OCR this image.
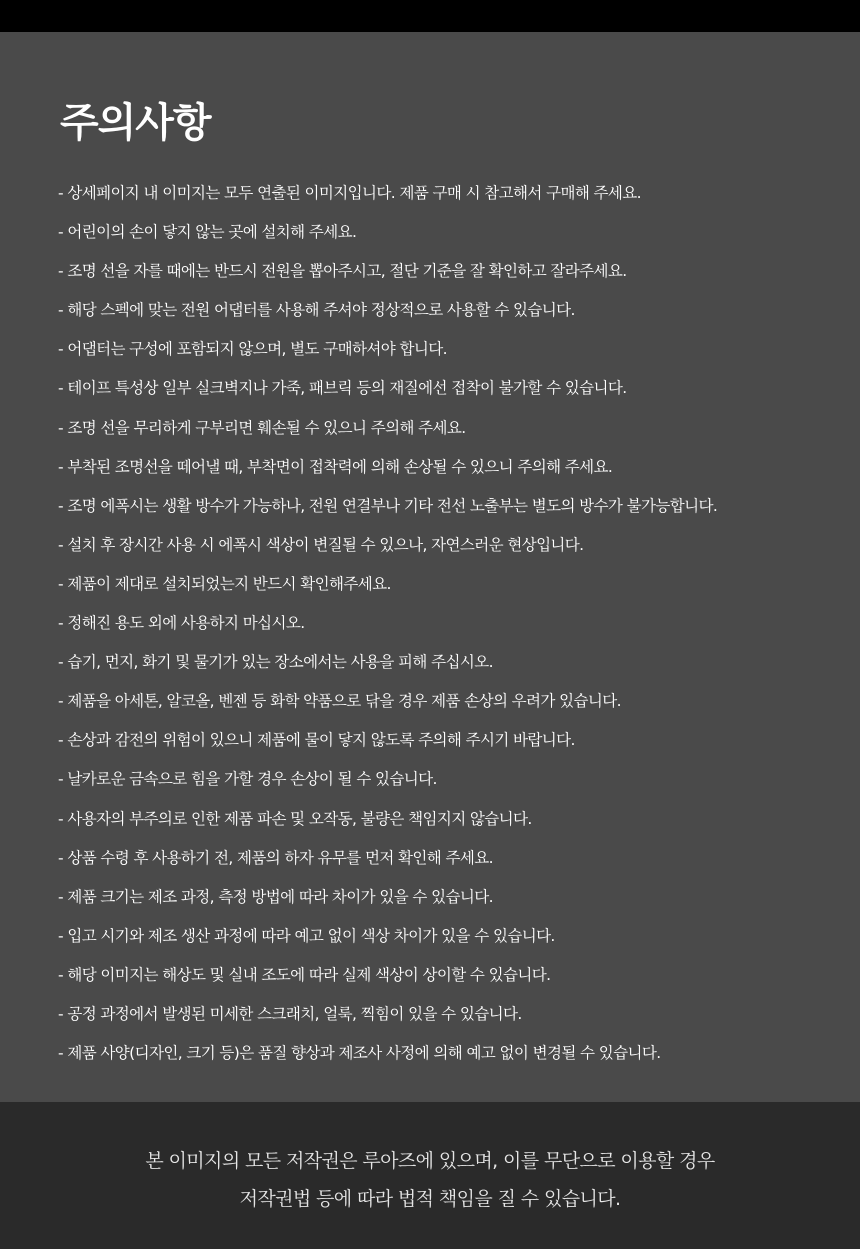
주의사항
- 상세페이지 내 이미지는 모두 연출된 이미지입니다. 제품 구매 시 참고해서 구매해 주세요.
- 어린이의 손이 닿지 않는 곳에 설치해 주세요.
- 조명 선을 자를 때에는 반드시 전원을 뽑아주시고, 절단 기준을 잘 확인하고 잘라주세요.
- 해당 스펙에 맞는 전원 어댑터를 사용해 주셔야 정상적으로 사용할 수 있습니다.
- 어댑터는 구성에 포함되지 않으며, 별도 구매하셔야 합니다.
- 테이프 특성상 일부 실크벽지나 가죽, 패브릭 등의 재질에선 접착이 불가할 수 있습니다.
- 조명 선을 무리하게 구부리면 훼손될 수 있으니 주의해 주세요.
- 부착된 조명선을 떼어낼 때, 부착면이 접착력에 의해 손상될 수 있으니 주의해 주세요.
- 조명 에폭시는 생활 방수가 가능하나, 전원 연결부나 기타 전선 노출부는 별도의 방수가 불가능합니다.
- 설치 후 장시간 사용 시 에폭시 색상이 변질될 수 있으나, 자연스러운 현상입니다.
- 제품이 제대로 설치되었는지 반드시 확인해주세요.
- 정해진 용도 외에 사용하지 마십시오.
- 습기, 먼지, 화기 및 물기가 있는 장소에서는 사용을 피해 주십시오.
- 제품을 아세톤, 알코올, 벤젠 등 화학 약품으로 닦을 경우 제품 손상의 우려가 있습니다.
- 손상과 감전의 위험이 있으니 제품에 물이 닿지 않도록 주의해 주시기 바랍니다.
- 날카로운 금속으로 힘을 가할 경우 손상이 될 수 있습니다.
- 사용자의 부주의로 인한 제품 파손 및 오작동, 불량은 책임지지 않습니다.
- 상품 수령 후 사용하기 전, 제품의 하자 유무를 먼저 확인해 주세요.
- 제품 크기는 제조 과정, 측정 방법에 따라 차이가 있을 수 있습니다.
- 입고 시기와 제조 생산 과정에 따라 예고 없이 색상 차이가 있을 수 있습니다.
- 해당 이미지는 해상도 및 실내 조도에 따라 실제 색상이 상이할 수 있습니다.
- 공정 과정에서 발생된 미세한 스크래치, 얼룩, 찍힘이 있을 수 있습니다.
- 제품 사양(디자인, 크기 등)은 품질 향상과 제조사 사정에 의해 예고 없이 변경될 수 있습니다.
본 이미지의 모든 저작권은 루아즈에 있으며, 이를 무단으로 이용할 경우
저작권법 등에 따라 법적 책임을 질 수 있습니다.
